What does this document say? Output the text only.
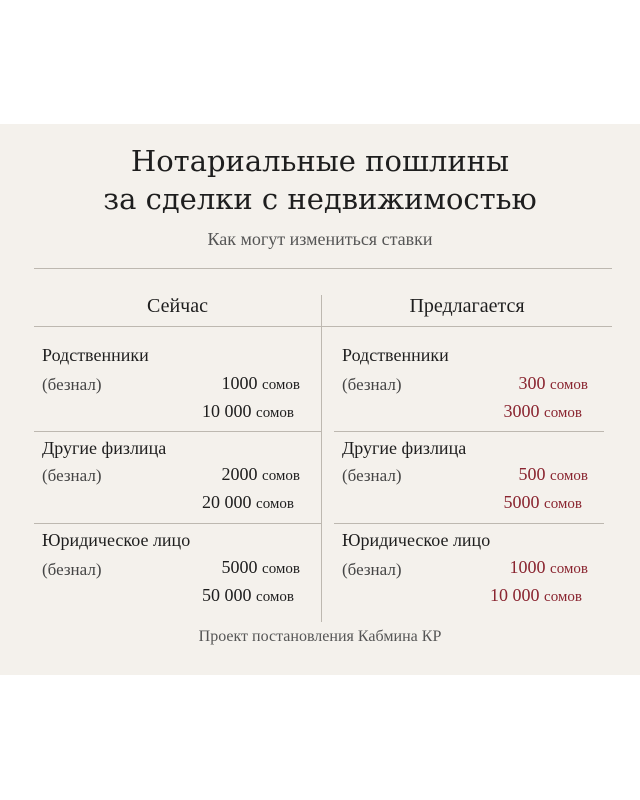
Нотариальные пошлины
за сделки с недвижимостью
Как могут измениться ставки
Сейчас	Предлагается
Родственники
(безнал)	1000 сомов
10 000 сомов
Родственники
(безнал)	300 сомов
3000 сомов
Другие физлица
(безнал)	2000 сомов
20 000 сомов
Другие физлица
(безнал)	500 сомов
5000 сомов
Юридическое лицо
(безнал)	5000 сомов
50 000 сомов
Юридическое лицо
(безнал)	1000 сомов
10 000 сомов
Проект постановления Кабмина КР
